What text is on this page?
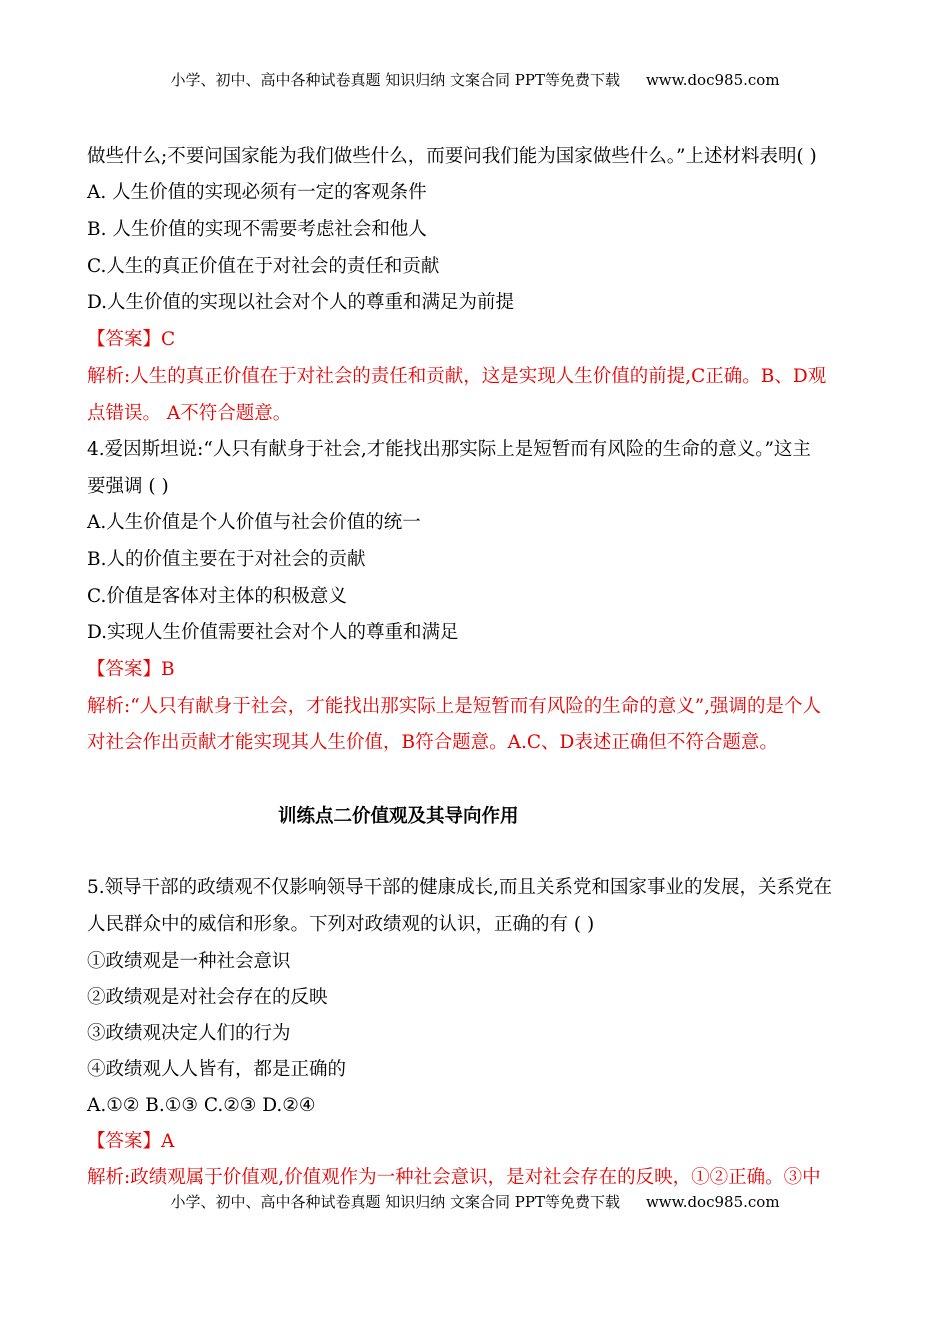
小学、初中、高中各种试卷真题 知识归纳 文案合同 PPT等免费下载 www.doc985.com
做些什么;不要问国家能为我们做些什么，而要问我们能为国家做些什么。”上述材料表明( )
A. 人生价值的实现必须有一定的客观条件
B. 人生价值的实现不需要考虑社会和他人
C.人生的真正价值在于对社会的责任和贡献
D.人生价值的实现以社会对个人的尊重和满足为前提
【答案】C
解析:人生的真正价值在于对社会的责任和贡献，这是实现人生价值的前提,C正确。B、D观
点错误。 A不符合题意。
4.爱因斯坦说:“人只有献身于社会,才能找出那实际上是短暂而有风险的生命的意义。”这主
要强调 ( )
A.人生价值是个人价值与社会价值的统一
B.人的价值主要在于对社会的贡献
C.价值是客体对主体的积极意义
D.实现人生价值需要社会对个人的尊重和满足
【答案】B
解析:“人只有献身于社会，才能找出那实际上是短暂而有风险的生命的意义”,强调的是个人
对社会作出贡献才能实现其人生价值，B符合题意。A.C、D表述正确但不符合题意。
训练点二价值观及其导向作用
5.领导干部的政绩观不仅影响领导干部的健康成长,而且关系党和国家事业的发展，关系党在
人民群众中的威信和形象。下列对政绩观的认识，正确的有 ( )
①政绩观是一种社会意识
②政绩观是对社会存在的反映
③政绩观决定人们的行为
④政绩观人人皆有，都是正确的
A.①② B.①③ C.②③ D.②④
【答案】A
解析:政绩观属于价值观,价值观作为一种社会意识，是对社会存在的反映，①②正确。③中
小学、初中、高中各种试卷真题 知识归纳 文案合同 PPT等免费下载 www.doc985.com
